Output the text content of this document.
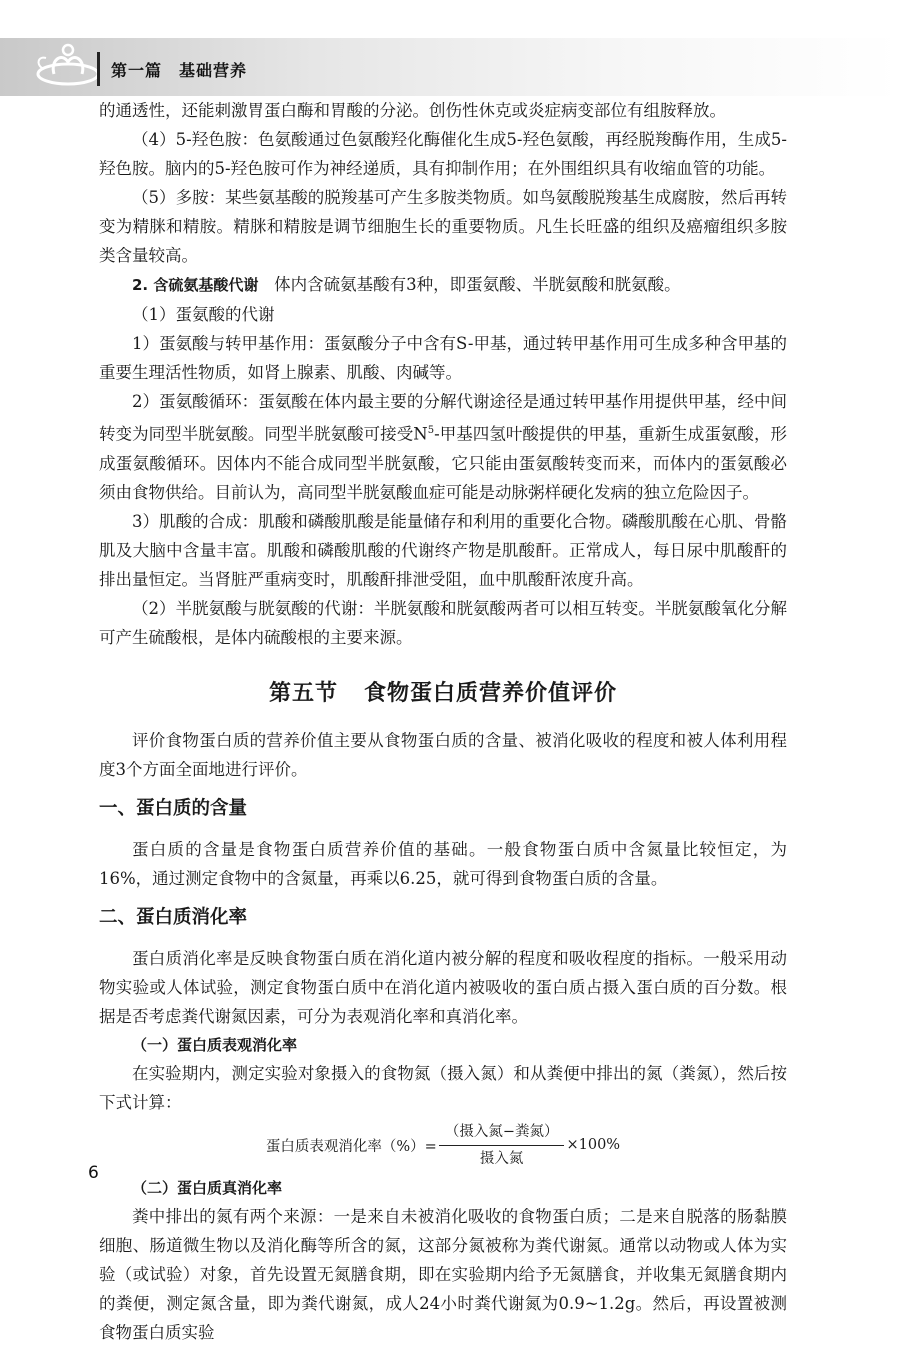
第一篇　基础营养

的通透性，还能刺激胃蛋白酶和胃酸的分泌。创伤性休克或炎症病变部位有组胺释放。

（4）5-羟色胺：色氨酸通过色氨酸羟化酶催化生成5-羟色氨酸，再经脱羧酶作用，生成5-羟色胺。脑内的5-羟色胺可作为神经递质，具有抑制作用；在外围组织具有收缩血管的功能。

（5）多胺：某些氨基酸的脱羧基可产生多胺类物质。如鸟氨酸脱羧基生成腐胺，然后再转变为精脒和精胺。精脒和精胺是调节细胞生长的重要物质。凡生长旺盛的组织及癌瘤组织多胺类含量较高。

2. 含硫氨基酸代谢 体内含硫氨基酸有3种，即蛋氨酸、半胱氨酸和胱氨酸。

（1）蛋氨酸的代谢

1）蛋氨酸与转甲基作用：蛋氨酸分子中含有S-甲基，通过转甲基作用可生成多种含甲基的重要生理活性物质，如肾上腺素、肌酸、肉碱等。

2）蛋氨酸循环：蛋氨酸在体内最主要的分解代谢途径是通过转甲基作用提供甲基，经中间转变为同型半胱氨酸。同型半胱氨酸可接受$N^5-$甲基四氢叶酸提供的甲基，重新生成蛋氨酸，形成蛋氨酸循环。因体内不能合成同型半胱氨酸，它只能由蛋氨酸转变而来，而体内的蛋氨酸必须由食物供给。目前认为，高同型半胱氨酸血症可能是动脉粥样硬化发病的独立危险因子。

3）肌酸的合成：肌酸和磷酸肌酸是能量储存和利用的重要化合物。磷酸肌酸在心肌、骨骼肌及大脑中含量丰富。肌酸和磷酸肌酸的代谢终产物是肌酸酐。正常成人，每日尿中肌酸酐的排出量恒定。当肾脏严重病变时，肌酸酐排泄受阻，血中肌酸酐浓度升高。

（2）半胱氨酸与胱氨酸的代谢：半胱氨酸和胱氨酸两者可以相互转变。半胱氨酸氧化分解可产生硫酸根，是体内硫酸根的主要来源。

第五节 食物蛋白质营养价值评价

评价食物蛋白质的营养价值主要从食物蛋白质的含量、被消化吸收的程度和被人体利用程度3个方面全面地进行评价。

一、蛋白质的含量

蛋白质的含量是食物蛋白质营养价值的基础。一般食物蛋白质中含氮量比较恒定，为16%，通过测定食物中的含氮量，再乘以6.25，就可得到食物蛋白质的含量。

二、蛋白质消化率

蛋白质消化率是反映食物蛋白质在消化道内被分解的程度和吸收程度的指标。一般采用动物实验或人体试验，测定食物蛋白质中在消化道内被吸收的蛋白质占摄入蛋白质的百分数。根据是否考虑粪代谢氮因素，可分为表观消化率和真消化率。

（一）蛋白质表观消化率

在实验期内，测定实验对象摄入的食物氮（摄入氮）和从粪便中排出的氮（粪氮），然后按下式计算：

蛋白质表观消化率（%）= $\frac{\text{（摄入氮−粪氮）}}{\text{摄入氮}} \times 100\%$
（二）蛋白质真消化率

粪中排出的氮有两个来源：一是来自未被消化吸收的食物蛋白质；二是来自脱落的肠黏膜细胞、肠道微生物以及消化酶等所含的氮，这部分氮被称为粪代谢氮。通常以动物或人体为实验（或试验）对象，首先设置无氮膳食期，即在实验期内给予无氮膳食，并收集无氮膳食期内的粪便，测定氮含量，即为粪代谢氮，成人24小时粪代谢氮为0.9~1.2g。然后，再设置被测食物蛋白质实验

6
